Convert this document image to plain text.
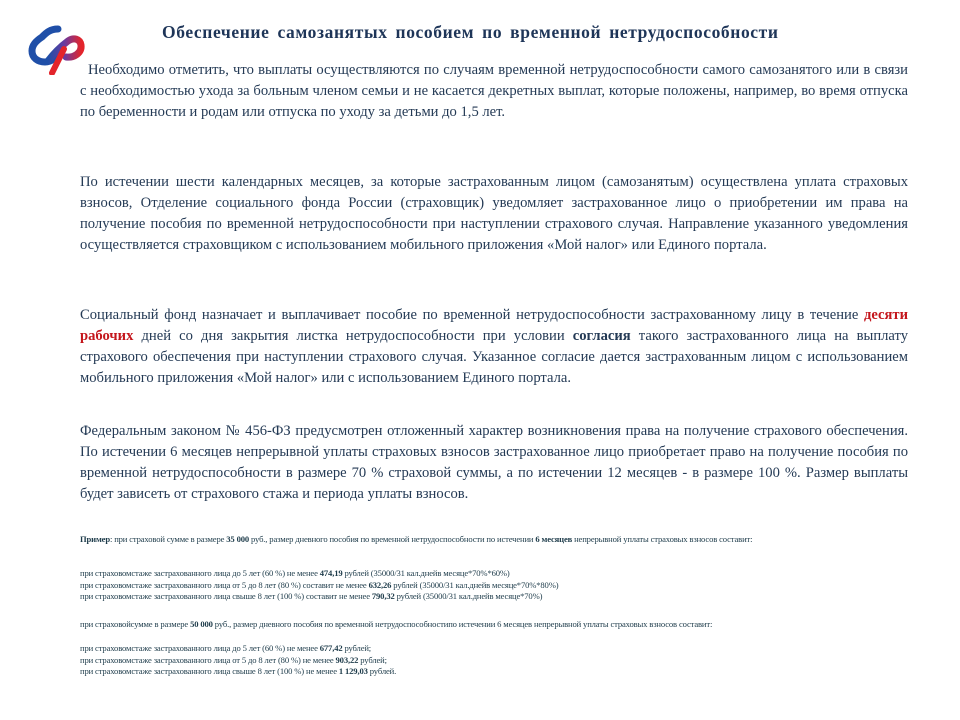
Обеспечение самозанятых пособием по временной нетрудоспособности
Необходимо отметить, что выплаты осуществляются по случаям временной нетрудоспособности самого самозанятого или в связи с необходимостью ухода за больным членом семьи и не касается декретных выплат, которые положены, например, во время отпуска по беременности и родам или отпуска по уходу за детьми до 1,5 лет.
По истечении шести календарных месяцев, за которые застрахованным лицом (самозанятым) осуществлена уплата страховых взносов, Отделение социального фонда России (страховщик) уведомляет застрахованное лицо о приобретении им права на получение пособия по временной нетрудоспособности при наступлении страхового случая. Направление указанного уведомления осуществляется страховщиком с использованием мобильного приложения «Мой налог» или Единого портала.
Социальный фонд назначает и выплачивает пособие по временной нетрудоспособности застрахованному лицу в течение десяти рабочих дней со дня закрытия листка нетрудоспособности при условии согласия такого застрахованного лица на выплату страхового обеспечения при наступлении страхового случая. Указанное согласие дается застрахованным лицом с использованием мобильного приложения «Мой налог» или с использованием Единого портала.
Федеральным законом № 456-ФЗ предусмотрен отложенный характер возникновения права на получение страхового обеспечения. По истечении 6 месяцев непрерывной уплаты страховых взносов застрахованное лицо приобретает право на получение пособия по временной нетрудоспособности в размере 70 % страховой суммы, а по истечении 12 месяцев - в размере 100 %. Размер выплаты будет зависеть от страхового стажа и периода уплаты взносов.
Пример: при страховой сумме в размере 35 000 руб., размер дневного пособия по временной нетрудоспособности по истечении 6 месяцев непрерывной уплаты страховых взносов составит:
при страховомстаже застрахованного лица до 5 лет (60 %) не менее 474,19 рублей (35000/31 кал.днейв месяце*70%*60%)
при страховомстаже застрахованного лица от 5 до 8 лет (80 %) составит не менее 632,26 рублей (35000/31 кал.днейв месяце*70%*80%)
при страховомстаже застрахованного лица свыше 8 лет (100 %) составит не менее 790,32 рублей (35000/31 кал.днейв месяце*70%)
при страховойсумме в размере 50 000 руб., размер дневного пособия по временной нетрудоспособностипо истечении 6 месяцев непрерывной уплаты страховых взносов составит:
при страховомстаже застрахованного лица до 5 лет (60 %) не менее 677,42 рублей;
при страховомстаже застрахованного лица от 5 до 8 лет (80 %) не менее 903,22 рублей;
при страховомстаже застрахованного лица свыше 8 лет (100 %) не менее 1 129,03 рублей.
